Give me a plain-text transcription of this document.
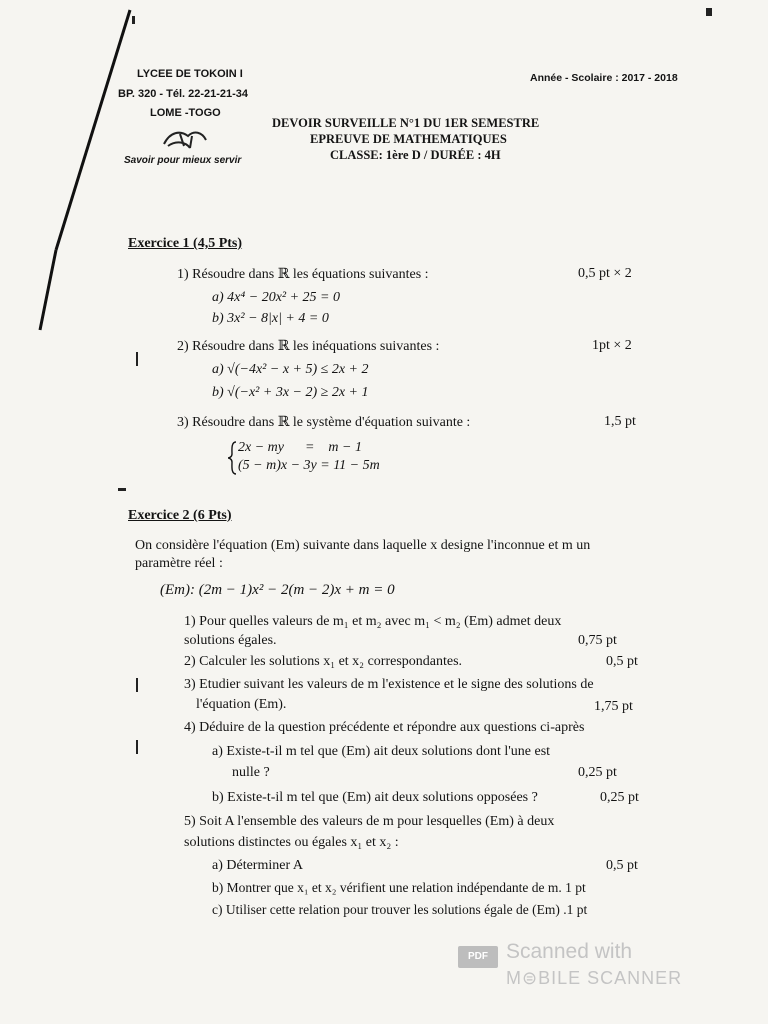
LYCEE DE TOKOIN I
BP. 320 - Tél. 22-21-21-34
LOME -TOGO
Savoir pour mieux servir
Année - Scolaire : 2017 - 2018
DEVOIR SURVEILLE N°1 DU 1ER SEMESTRE
EPREUVE DE MATHEMATIQUES
CLASSE: 1ère D / DURÉE : 4H
Exercice 1 (4,5 Pts)
1) Résoudre dans ℝ les équations suivantes :	0,5 pt × 2
a) 4x⁴ − 20x² + 25 = 0
b) 3x² − 8|x| + 4 = 0
2) Résoudre dans ℝ les inéquations suivantes :	1pt × 2
a) √(−4x² − x + 5) ≤ 2x + 2
b) √(−x² + 3x − 2) ≥ 2x + 1
3) Résoudre dans ℝ le système d'équation suivante :	1,5 pt
2x − my      =    m − 1
(5 − m)x − 3y = 11 − 5m
Exercice 2 (6 Pts)
On considère l'équation (Em) suivante dans laquelle x designe l'inconnue et m un
paramètre réel :
(Em): (2m − 1)x² − 2(m − 2)x + m = 0
1) Pour quelles valeurs de m₁ et m₂ avec m₁ < m₂ (Em) admet deux
solutions égales.	0,75 pt
2) Calculer les solutions x₁ et x₂ correspondantes.	0,5 pt
3) Etudier suivant les valeurs de m l'existence et le signe des solutions de
l'équation (Em).	1,75 pt
4) Déduire de la question précédente et répondre aux questions ci-après
a) Existe-t-il m tel que (Em) ait deux solutions dont l'une est
nulle ?	0,25 pt
b) Existe-t-il m tel que (Em) ait deux solutions opposées ?	0,25 pt
5) Soit A l'ensemble des valeurs de m pour lesquelles (Em) à deux
solutions distinctes ou égales x₁ et x₂ :
a) Déterminer A	0,5 pt
b) Montrer que x₁ et x₂ vérifient une relation indépendante de m. 1 pt
c) Utiliser cette relation pour trouver les solutions égale de (Em) .1 pt
PDF Scanned with
M⊜BILE SCANNER
